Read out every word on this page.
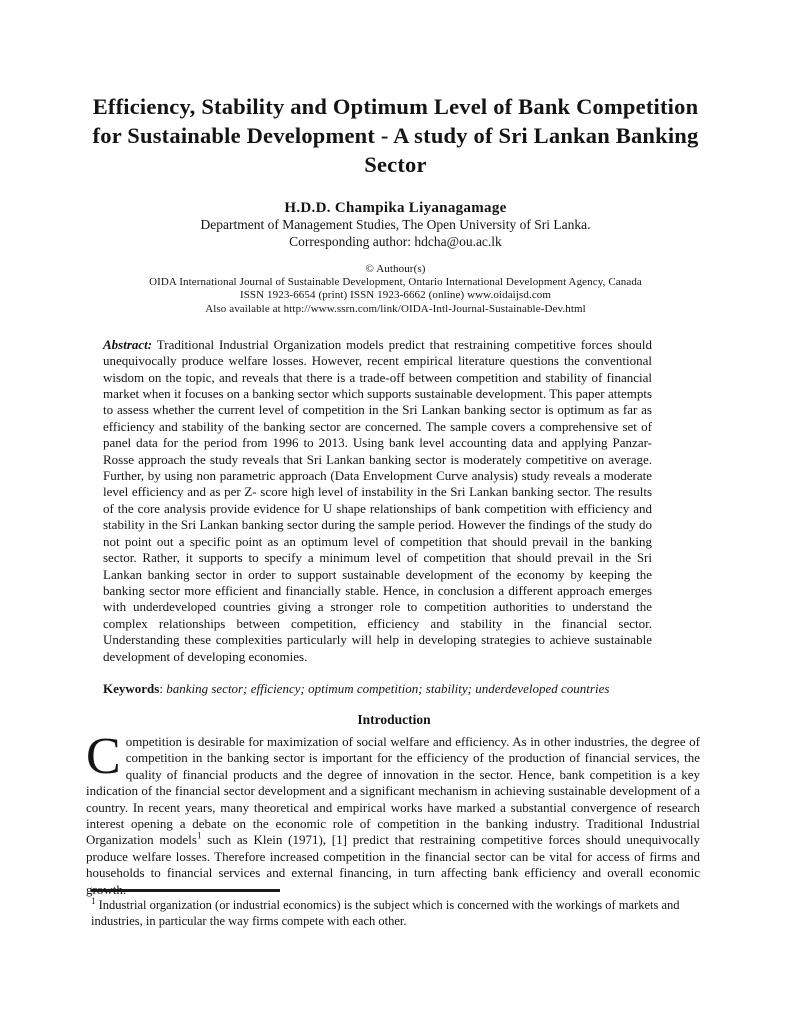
Efficiency, Stability and Optimum Level of Bank Competition for Sustainable Development - A study of Sri Lankan Banking Sector
H.D.D. Champika Liyanagamage
Department of Management Studies, The Open University of Sri Lanka.
Corresponding author: hdcha@ou.ac.lk
© Authour(s)
OIDA International Journal of Sustainable Development, Ontario International Development Agency, Canada
ISSN 1923-6654 (print) ISSN 1923-6662 (online) www.oidaijsd.com
Also available at http://www.ssrn.com/link/OIDA-Intl-Journal-Sustainable-Dev.html

Abstract: Traditional Industrial Organization models predict that restraining competitive forces should unequivocally produce welfare losses. However, recent empirical literature questions the conventional wisdom on the topic, and reveals that there is a trade-off between competition and stability of financial market when it focuses on a banking sector which supports sustainable development. This paper attempts to assess whether the current level of competition in the Sri Lankan banking sector is optimum as far as efficiency and stability of the banking sector are concerned. The sample covers a comprehensive set of panel data for the period from 1996 to 2013. Using bank level accounting data and applying Panzar-Rosse approach the study reveals that Sri Lankan banking sector is moderately competitive on average. Further, by using non parametric approach (Data Envelopment Curve analysis) study reveals a moderate level efficiency and as per Z- score high level of instability in the Sri Lankan banking sector. The results of the core analysis provide evidence for U shape relationships of bank competition with efficiency and stability in the Sri Lankan banking sector during the sample period. However the findings of the study do not point out a specific point as an optimum level of competition that should prevail in the banking sector. Rather, it supports to specify a minimum level of competition that should prevail in the Sri Lankan banking sector in order to support sustainable development of the economy by keeping the banking sector more efficient and financially stable. Hence, in conclusion a different approach emerges with underdeveloped countries giving a stronger role to competition authorities to understand the complex relationships between competition, efficiency and stability in the financial sector. Understanding these complexities particularly will help in developing strategies to achieve sustainable development of developing economies.

Keywords: banking sector; efficiency; optimum competition; stability; underdeveloped countries

Introduction

Competition is desirable for maximization of social welfare and efficiency. As in other industries, the degree of competition in the banking sector is important for the efficiency of the production of financial services, the quality of financial products and the degree of innovation in the sector. Hence, bank competition is a key indication of the financial sector development and a significant mechanism in achieving sustainable development of a country. In recent years, many theoretical and empirical works have marked a substantial convergence of research interest opening a debate on the economic role of competition in the banking industry. Traditional Industrial Organization models$^1$ such as Klein (1971), [1] predict that restraining competitive forces should unequivocally produce welfare losses. Therefore increased competition in the financial sector can be vital for access of firms and households to financial services and external financing, in turn affecting bank efficiency and overall economic growth.

$^1$ Industrial organization (or industrial economics) is the subject which is concerned with the workings of markets and industries, in particular the way firms compete with each other.
